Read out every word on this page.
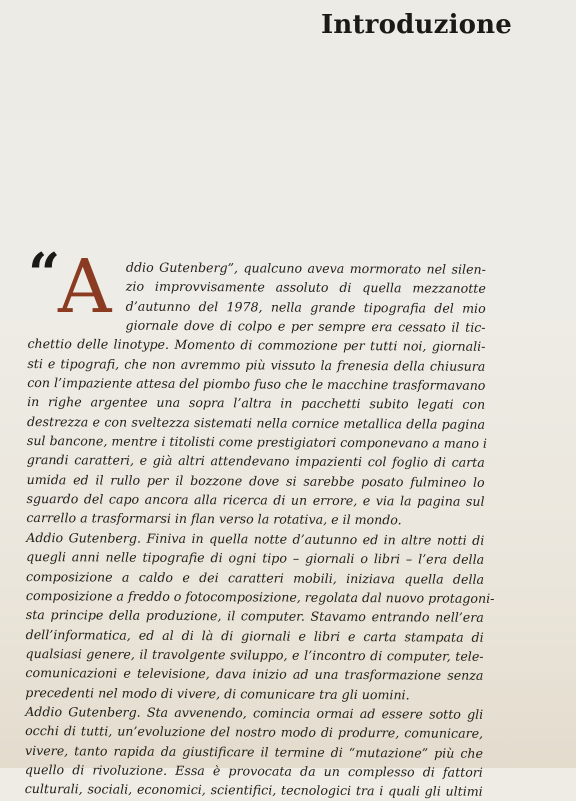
Introduzione
“
A	ddio Gutenberg”, qualcuno aveva mormorato nel silen-
zio improvvisamente assoluto di quella mezzanotte
d’autunno del 1978, nella grande tipografia del mio
giornale dove di colpo e per sempre era cessato il tic-
chettio delle linotype. Momento di commozione per tutti noi, giornali-
sti e tipografi, che non avremmo più vissuto la frenesia della chiusura
con l’impaziente attesa del piombo fuso che le macchine trasformavano
in righe argentee una sopra l’altra in pacchetti subito legati con
destrezza e con sveltezza sistemati nella cornice metallica della pagina
sul bancone, mentre i titolisti come prestigiatori componevano a mano i
grandi caratteri, e già altri attendevano impazienti col foglio di carta
umida ed il rullo per il bozzone dove si sarebbe posato fulmineo lo
sguardo del capo ancora alla ricerca di un errore, e via la pagina sul
carrello a trasformarsi in flan verso la rotativa, e il mondo.
Addio Gutenberg. Finiva in quella notte d’autunno ed in altre notti di
quegli anni nelle tipografie di ogni tipo – giornali o libri – l’era della
composizione a caldo e dei caratteri mobili, iniziava quella della
composizione a freddo o fotocomposizione, regolata dal nuovo protagoni-
sta principe della produzione, il computer. Stavamo entrando nell’era
dell’informatica, ed al di là di giornali e libri e carta stampata di
qualsiasi genere, il travolgente sviluppo, e l’incontro di computer, tele-
comunicazioni e televisione, dava inizio ad una trasformazione senza
precedenti nel modo di vivere, di comunicare tra gli uomini.
Addio Gutenberg. Sta avvenendo, comincia ormai ad essere sotto gli
occhi di tutti, un’evoluzione del nostro modo di produrre, comunicare,
vivere, tanto rapida da giustificare il termine di “mutazione” più che
quello di rivoluzione. Essa è provocata da un complesso di fattori
culturali, sociali, economici, scientifici, tecnologici tra i quali gli ultimi
